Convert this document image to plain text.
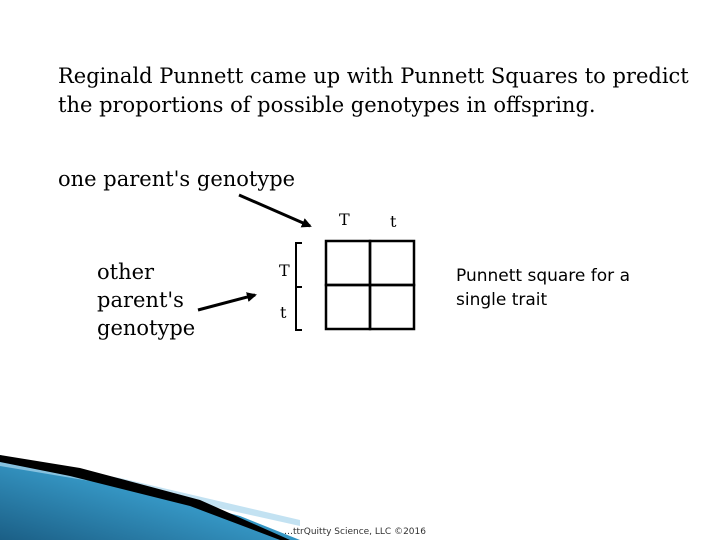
Reginald Punnett came up with Punnett Squares to predict
the proportions of possible genotypes in offspring.

one parent's genotype
other
parent's
genotype
T	t
T
t
Punnett square for a
single trait
…ttrQuitty Science, LLC ©2016
